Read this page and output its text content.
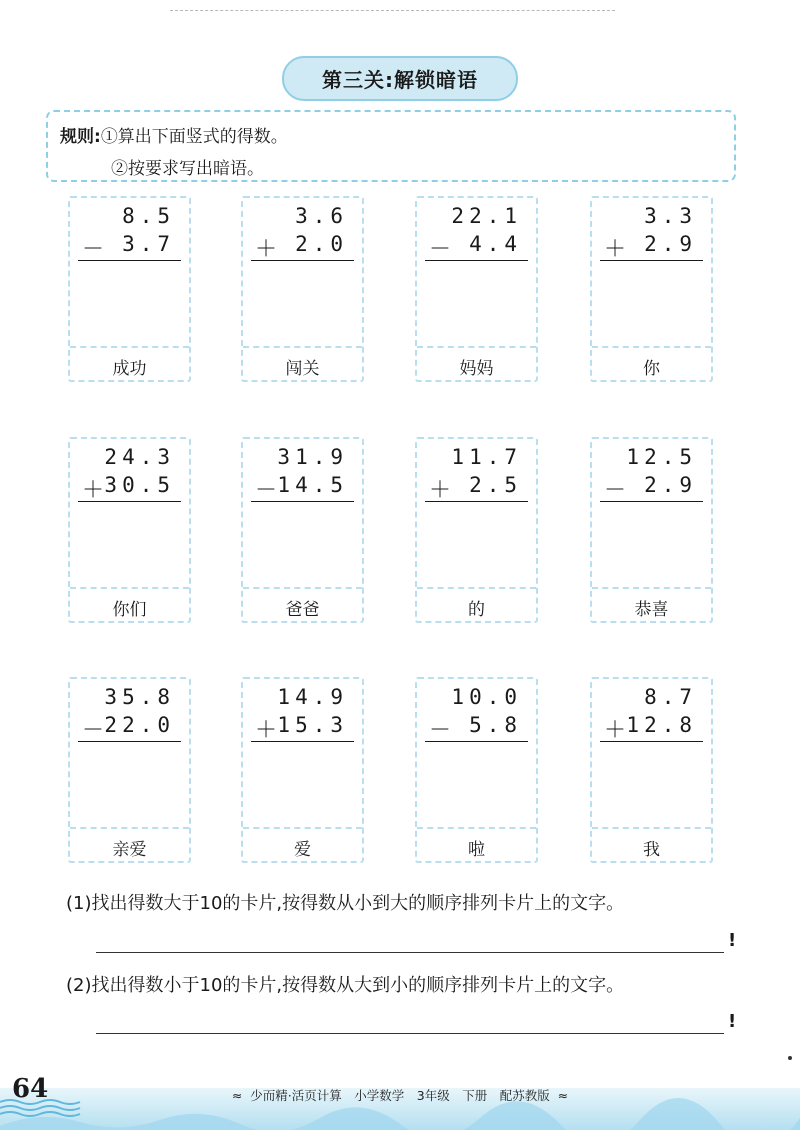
第三关:解锁暗语
规则:①算出下面竖式的得数。
②按要求写出暗语。
8.5
－ 3.7
成功
3.6
＋ 2.0
闯关
22.1
－ 4.4
妈妈
3.3
＋ 2.9
你
24.3
＋ 30.5
你们
31.9
－ 14.5
爸爸
11.7
＋ 2.5
的
12.5
－ 2.9
恭喜
35.8
－ 22.0
亲爱
14.9
＋ 15.3
爱
10.0
－ 5.8
啦
8.7
＋ 12.8
我
(1)找出得数大于10的卡片,按得数从小到大的顺序排列卡片上的文字。
!
(2)找出得数小于10的卡片,按得数从大到小的顺序排列卡片上的文字。
!
64	≈ 少而精·活页计算　小学数学　3年级　下册　配苏教版 ≈
